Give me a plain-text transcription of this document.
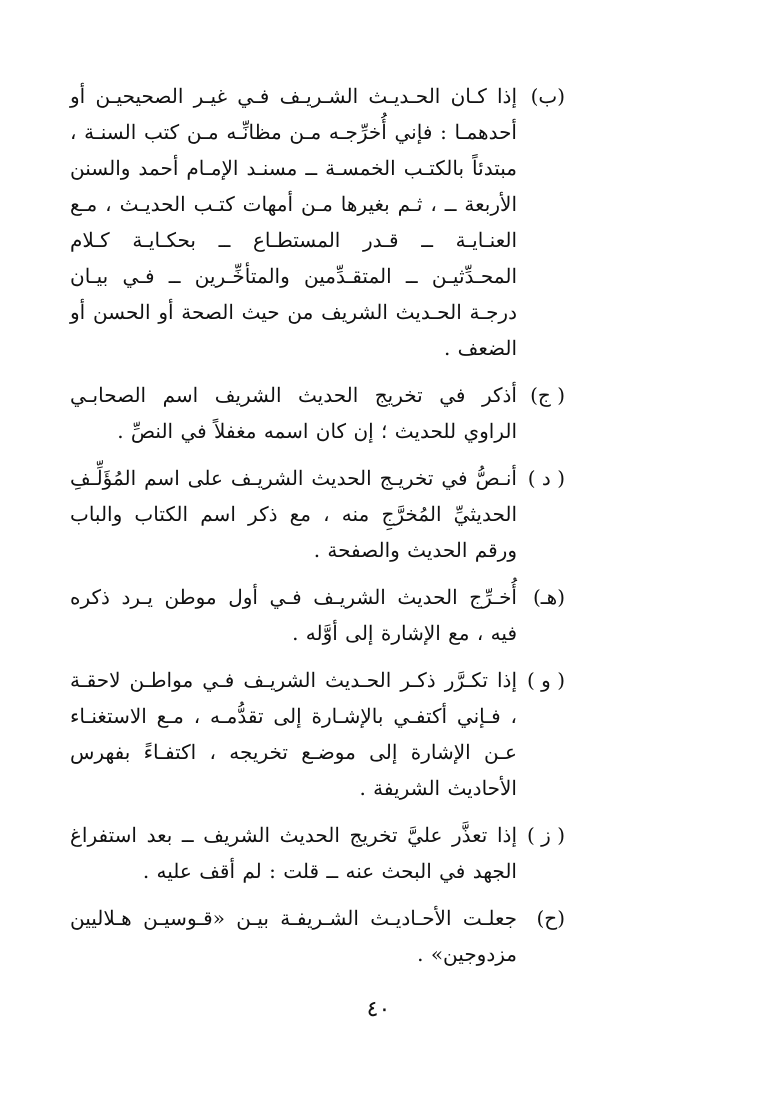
(ب)
إذا كـان الحـديـث الشـريـف فـي غيـر الصحيحيـن أو أحدهمـا : فإني أُخرِّجـه مـن مظانِّـه مـن كتب السنـة ، مبتدئاً بالكتـب الخمسـة ــ مسنـد الإمـام أحمد والسنن الأربعة ــ ، ثـم بغيرها مـن أمهات كتـب الحديـث ، مـع العنـايـة ــ قـدر المستطـاع ــ بحكـايـة كـلام المحـدِّثيـن ــ المتقـدِّمين والمتأخِّـرين ــ فـي بيـان درجـة الحـديث الشريف من حيث الصحة أو الحسن أو الضعف .
( ج)
أذكر في تخريج الحديث الشريف اسم الصحابـي الراوي للحديث ؛ إن كان اسمه مغفلاً في النصِّ .
( د )
أنـصُّ في تخريـج الحديث الشريـف على اسم المُؤَلِّـفِ الحديثيِّ المُخرَّجِ منه ، مع ذكر اسم الكتاب والباب ورقم الحديث والصفحة .
(هـ)
أُخـرِّج الحديث الشريـف فـي أول موطن يـرد ذكره فيه ، مع الإشارة إلى أوَّله .
( و )
إذا تكـرَّر ذكـر الحـديث الشريـف فـي مواطـن لاحقـة ، فـإني أكتفـي بالإشـارة إلى تقدُّمـه ، مـع الاستغنـاء عـن الإشارة إلى موضـع تخريجه ، اكتفـاءً بفهرس الأحاديث الشريفة .
( ز )
إذا تعذَّر عليَّ تخريج الحديث الشريف ــ بعد استفراغ الجهد في البحث عنه ــ قلت : لم أقف عليه .
(ح)
جعلـت الأحـاديـث الشـريفـة بيـن «قـوسيـن هـلاليين مزدوجين» .
٤٠
